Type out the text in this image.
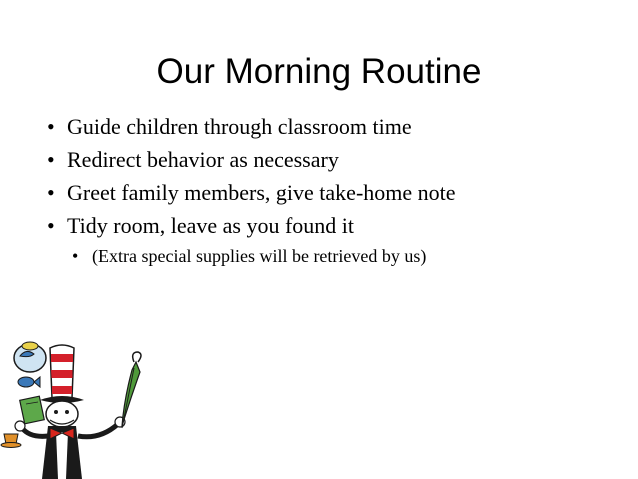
Our Morning Routine
• Guide children through classroom time
• Redirect behavior as necessary
• Greet family members, give take-home note
• Tidy room, leave as you found it
• (Extra special supplies will be retrieved by us)
